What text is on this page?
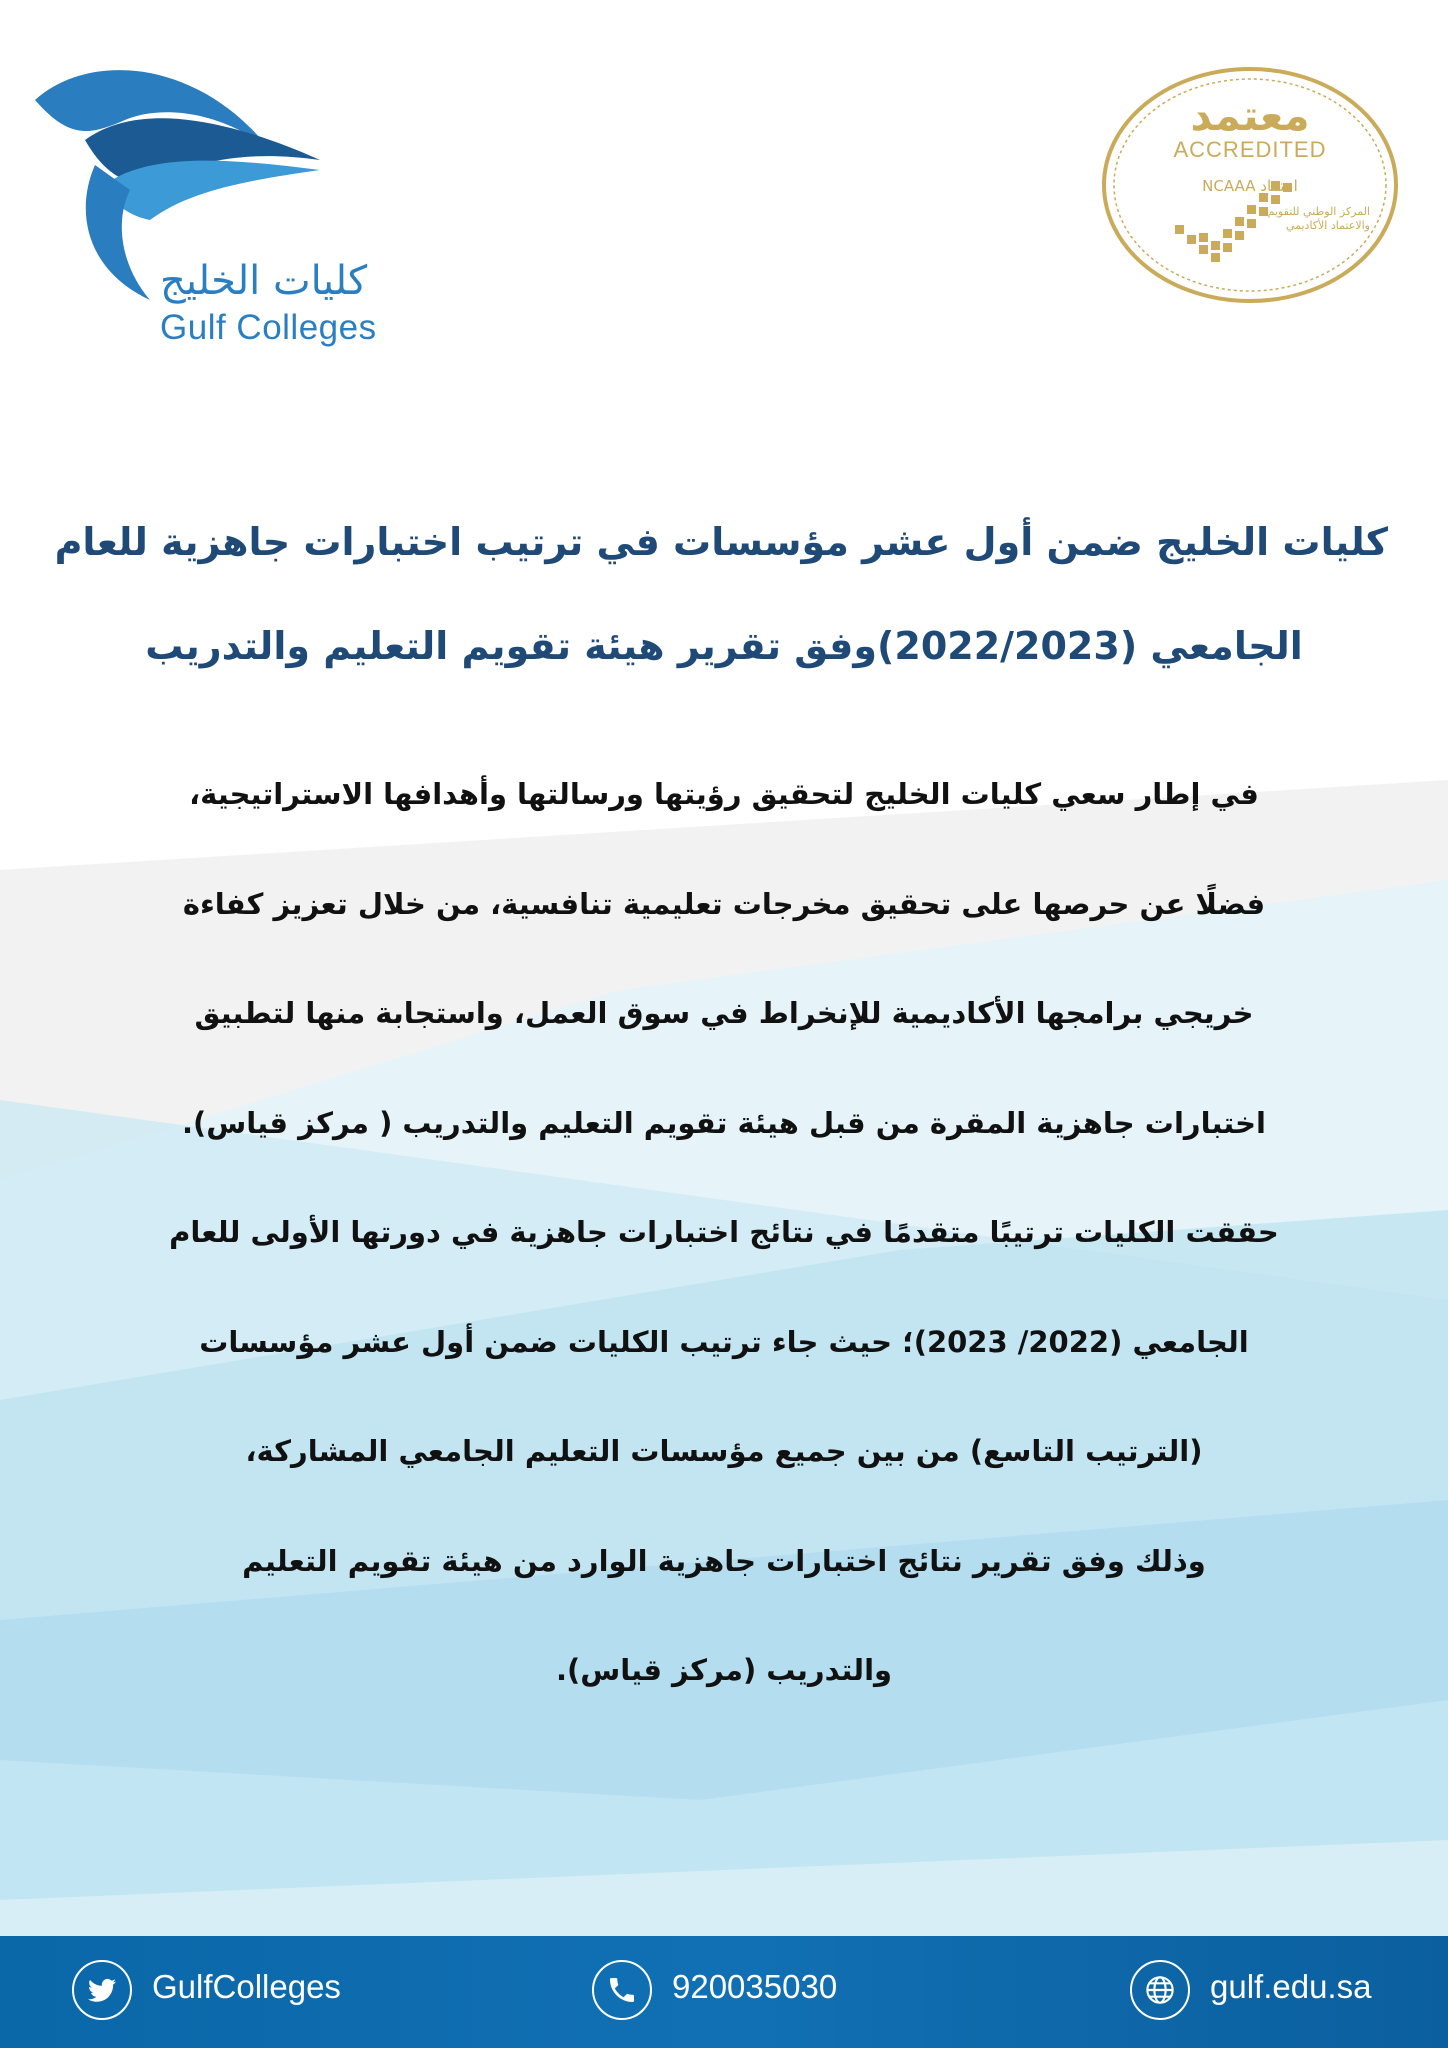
كليات الخليج
Gulf Colleges
معتمد
ACCREDITED
اعتماد NCAAA
المركز الوطني للتقويم والاعتماد الأكاديمي
كليات الخليج ضمن أول عشر مؤسسات في ترتيب اختبارات جاهزية للعام
الجامعي (2022/2023)وفق تقرير هيئة تقويم التعليم والتدريب
في إطار سعي كليات الخليج لتحقيق رؤيتها ورسالتها وأهدافها الاستراتيجية،
فضلًا عن حرصها على تحقيق مخرجات تعليمية تنافسية، من خلال تعزيز كفاءة
خريجي برامجها الأكاديمية للإنخراط في سوق العمل، واستجابة منها لتطبيق
اختبارات جاهزية المقرة من قبل هيئة تقويم التعليم والتدريب ( مركز قياس).
حققت الكليات ترتيبًا متقدمًا في نتائج اختبارات جاهزية في دورتها الأولى للعام
الجامعي (2022/ 2023)؛ حيث جاء ترتيب الكليات ضمن أول عشر مؤسسات
(الترتيب التاسع) من بين جميع مؤسسات التعليم الجامعي المشاركة،
وذلك وفق تقرير نتائج اختبارات جاهزية الوارد من هيئة تقويم التعليم
والتدريب (مركز قياس).
GulfColleges	920035030	gulf.edu.sa
